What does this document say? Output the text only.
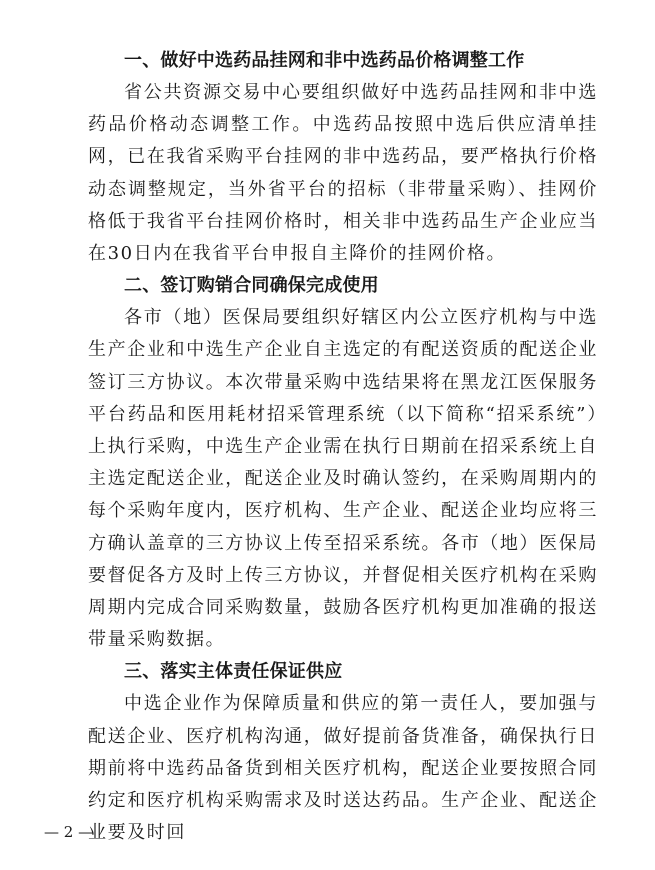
一、做好中选药品挂网和非中选药品价格调整工作

省公共资源交易中心要组织做好中选药品挂网和非中选药品价格动态调整工作。中选药品按照中选后供应清单挂网，已在我省采购平台挂网的非中选药品，要严格执行价格动态调整规定，当外省平台的招标（非带量采购）、挂网价格低于我省平台挂网价格时，相关非中选药品生产企业应当在30日内在我省平台申报自主降价的挂网价格。

二、签订购销合同确保完成使用

各市（地）医保局要组织好辖区内公立医疗机构与中选生产企业和中选生产企业自主选定的有配送资质的配送企业签订三方协议。本次带量采购中选结果将在黑龙江医保服务平台药品和医用耗材招采管理系统（以下简称“招采系统”）上执行采购，中选生产企业需在执行日期前在招采系统上自主选定配送企业，配送企业及时确认签约，在采购周期内的每个采购年度内，医疗机构、生产企业、配送企业均应将三方确认盖章的三方协议上传至招采系统。各市（地）医保局要督促各方及时上传三方协议，并督促相关医疗机构在采购周期内完成合同采购数量，鼓励各医疗机构更加准确的报送带量采购数据。

三、落实主体责任保证供应

中选企业作为保障质量和供应的第一责任人，要加强与配送企业、医疗机构沟通，做好提前备货准备，确保执行日期前将中选药品备货到相关医疗机构，配送企业要按照合同约定和医疗机构采购需求及时送达药品。生产企业、配送企业要及时回

— 2 —
